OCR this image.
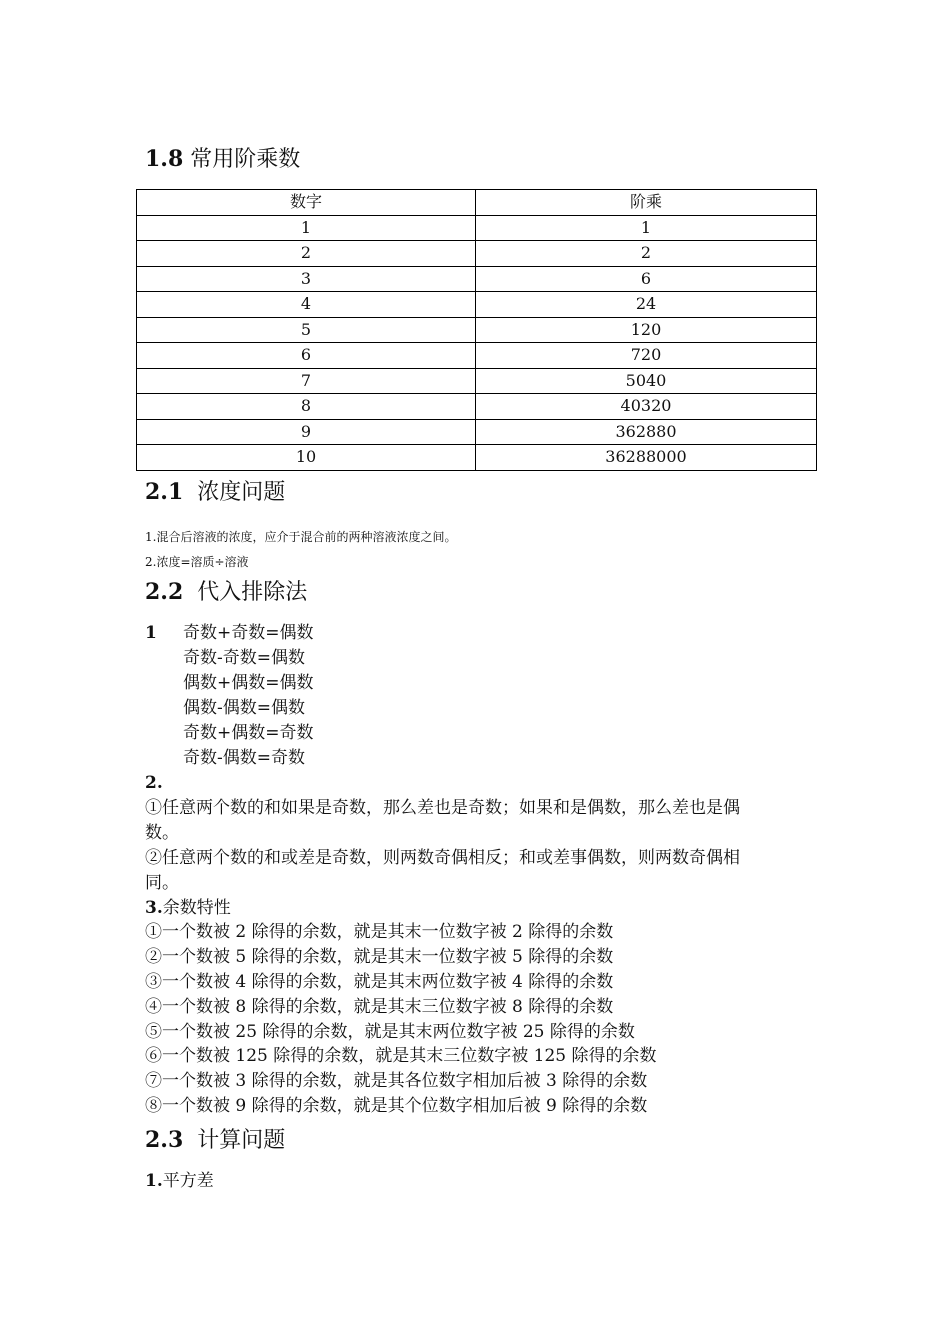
1.8 常用阶乘数
数字	阶乘
1	1
2	2
3	6
4	24
5	120
6	720
7	5040
8	40320
9	362880
10	36288000
2.1 浓度问题
1.混合后溶液的浓度，应介于混合前的两种溶液浓度之间。
2.浓度=溶质÷溶液
2.2 代入排除法
1 奇数+奇数=偶数
奇数-奇数=偶数
偶数+偶数=偶数
偶数-偶数=偶数
奇数+偶数=奇数
奇数-偶数=奇数
2.
①任意两个数的和如果是奇数，那么差也是奇数；如果和是偶数，那么差也是偶
数。
②任意两个数的和或差是奇数，则两数奇偶相反；和或差事偶数，则两数奇偶相
同。
3.余数特性
①一个数被 2 除得的余数，就是其末一位数字被 2 除得的余数
②一个数被 5 除得的余数，就是其末一位数字被 5 除得的余数
③一个数被 4 除得的余数，就是其末两位数字被 4 除得的余数
④一个数被 8 除得的余数，就是其末三位数字被 8 除得的余数
⑤一个数被 25 除得的余数，就是其末两位数字被 25 除得的余数
⑥一个数被 125 除得的余数，就是其末三位数字被 125 除得的余数
⑦一个数被 3 除得的余数，就是其各位数字相加后被 3 除得的余数
⑧一个数被 9 除得的余数，就是其个位数字相加后被 9 除得的余数
2.3 计算问题
1.平方差
